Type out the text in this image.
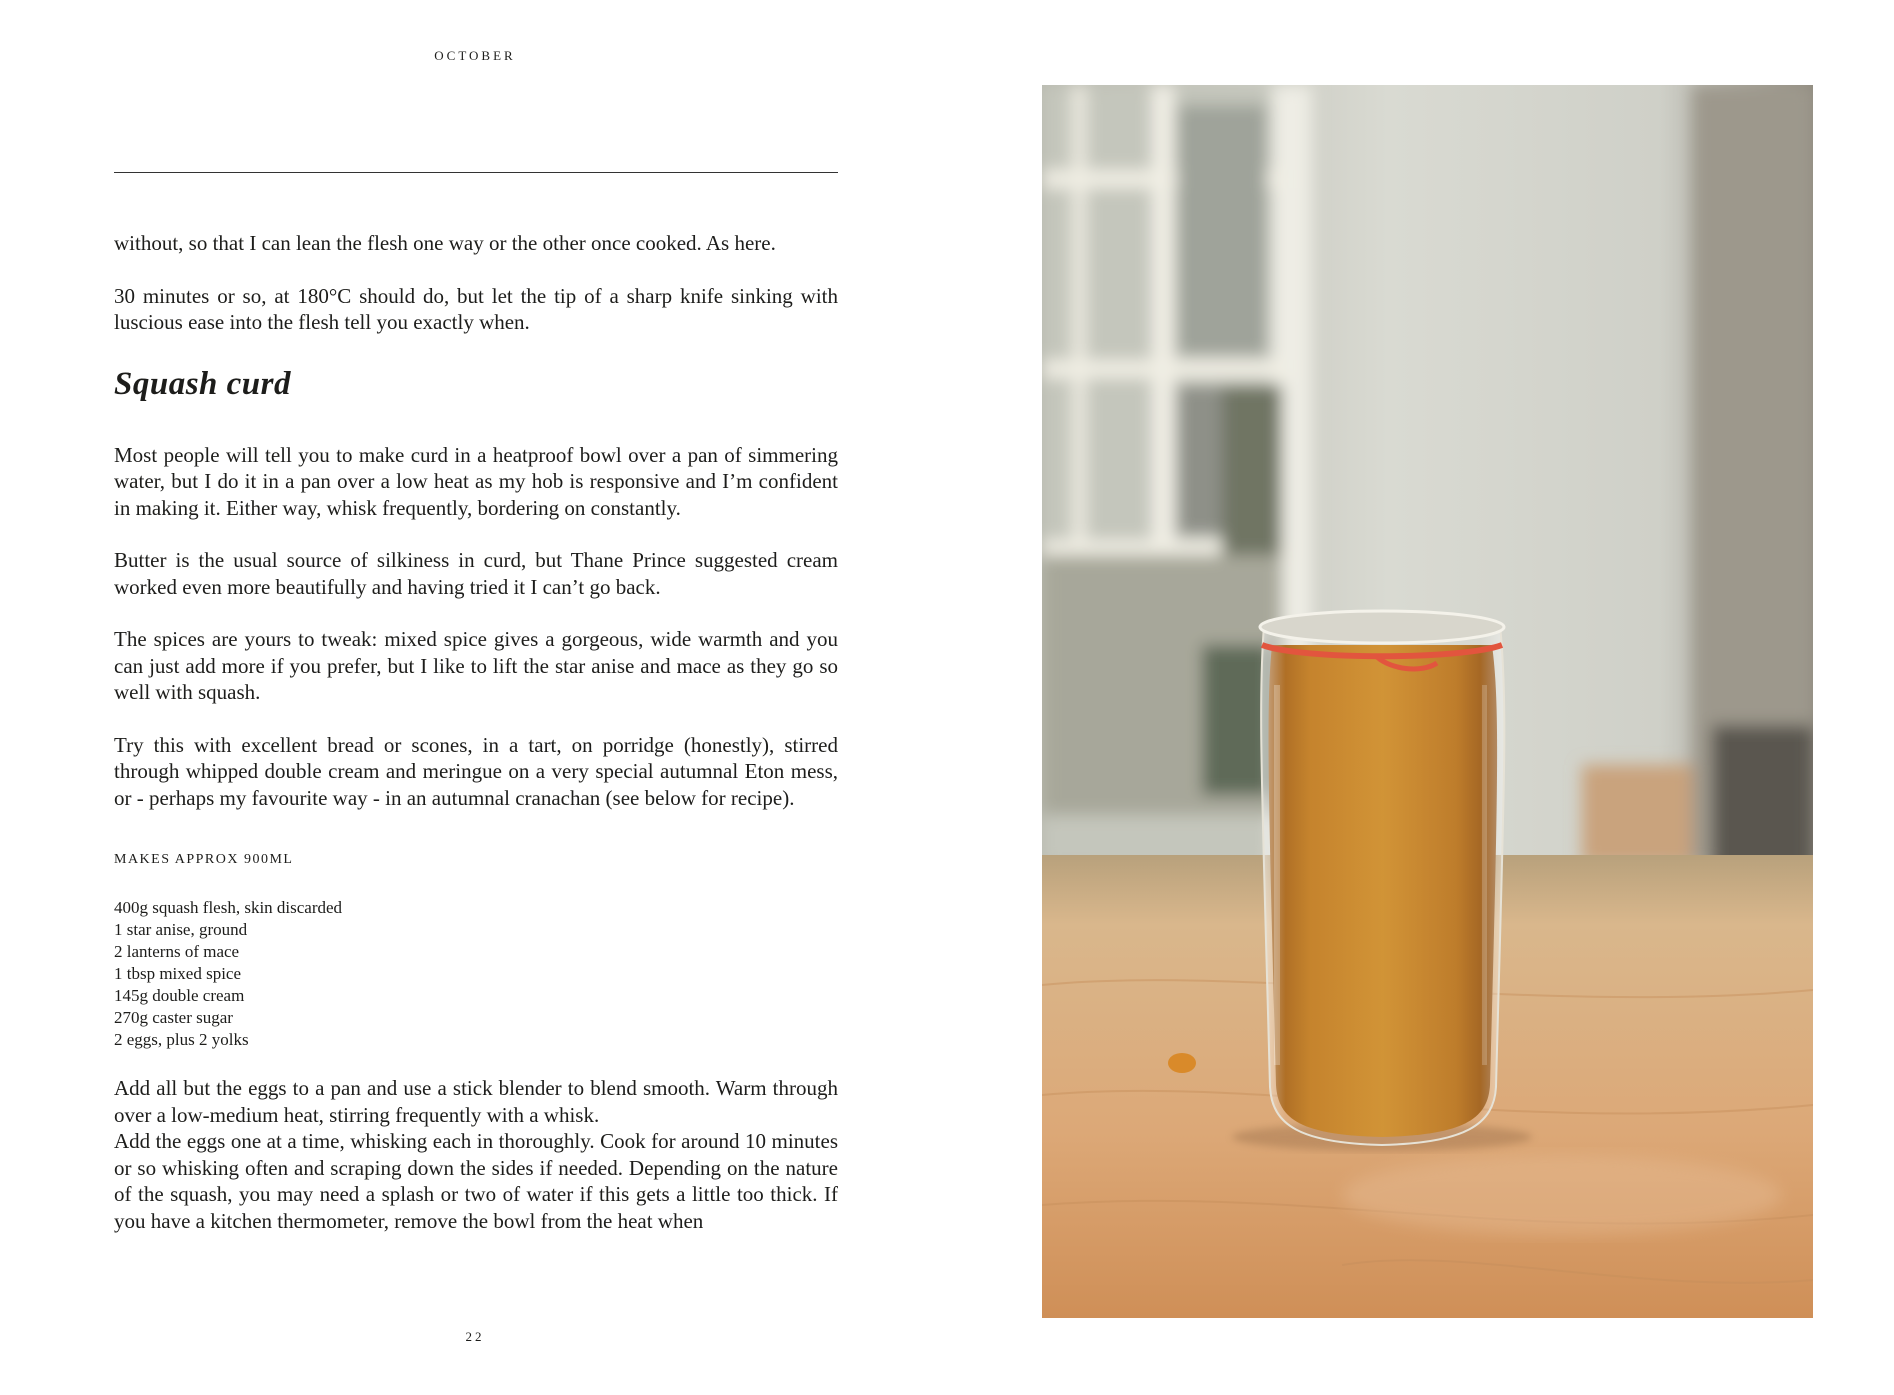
OCTOBER

without, so that I can lean the flesh one way or the other once cooked. As here.

30 minutes or so, at 180°C should do, but let the tip of a sharp knife sinking with luscious ease into the flesh tell you exactly when.

Squash curd

Most people will tell you to make curd in a heatproof bowl over a pan of simmering water, but I do it in a pan over a low heat as my hob is responsive and I’m confident in making it. Either way, whisk frequently, bordering on constantly.

Butter is the usual source of silkiness in curd, but Thane Prince suggested cream worked even more beautifully and having tried it I can’t go back.

The spices are yours to tweak: mixed spice gives a gorgeous, wide warmth and you can just add more if you prefer, but I like to lift the star anise and mace as they go so well with squash.

Try this with excellent bread or scones, in a tart, on porridge (honestly), stirred through whipped double cream and meringue on a very special autumnal Eton mess, or - perhaps my favourite way - in an autumnal cranachan (see below for recipe).

MAKES APPROX 900ML

400g squash flesh, skin discarded
1 star anise, ground
2 lanterns of mace
1 tbsp mixed spice
145g double cream
270g caster sugar
2 eggs, plus 2 yolks

Add all but the eggs to a pan and use a stick blender to blend smooth. Warm through over a low-medium heat, stirring frequently with a whisk.

Add the eggs one at a time, whisking each in thoroughly. Cook for around 10 minutes or so whisking often and scraping down the sides if needed. Depending on the nature of the squash, you may need a splash or two of water if this gets a little too thick. If you have a kitchen thermometer, remove the bowl from the heat when

22
